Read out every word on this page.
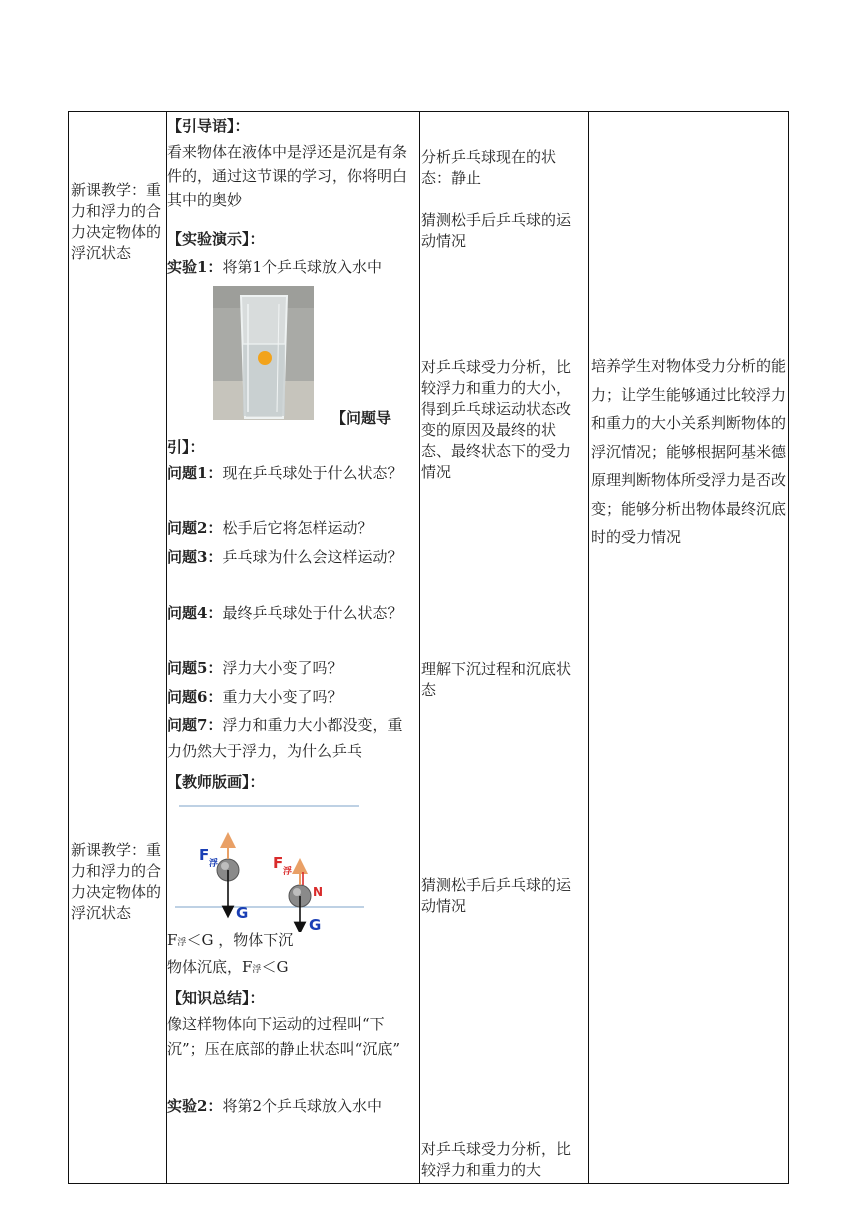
新课教学：重力和浮力的合力决定物体的浮沉状态
新课教学：重力和浮力的合力决定物体的浮沉状态
【引导语】：
看来物体在液体中是浮还是沉是有条件的，通过这节课的学习，你将明白其中的奥妙
【实验演示】：
实验1：将第1个乒乓球放入水中
【问题导
引】：
问题1：现在乒乓球处于什么状态？
问题2：松手后它将怎样运动？
问题3：乒乓球为什么会这样运动？
问题4：最终乒乓球处于什么状态？
问题5：浮力大小变了吗？
问题6：重力大小变了吗？
问题7：浮力和重力大小都没变，重力仍然大于浮力，为什么乒乓
【教师版画】：
F 浮
G
F 浮
N
G
F浮＜G ，物体下沉
物体沉底，F浮＜G
【知识总结】：
像这样物体向下运动的过程叫“下沉”；压在底部的静止状态叫“沉底”
实验2：将第2个乒乓球放入水中
分析乒乓球现在的状态：静止
猜测松手后乒乓球的运动情况
对乒乓球受力分析，比较浮力和重力的大小，得到乒乓球运动状态改变的原因及最终的状态、最终状态下的受力情况
理解下沉过程和沉底状态
猜测松手后乒乓球的运动情况
对乒乓球受力分析，比较浮力和重力的大
培养学生对物体受力分析的能力；让学生能够通过比较浮力和重力的大小关系判断物体的浮沉情况；能够根据阿基米德原理判断物体所受浮力是否改变；能够分析出物体最终沉底时的受力情况
